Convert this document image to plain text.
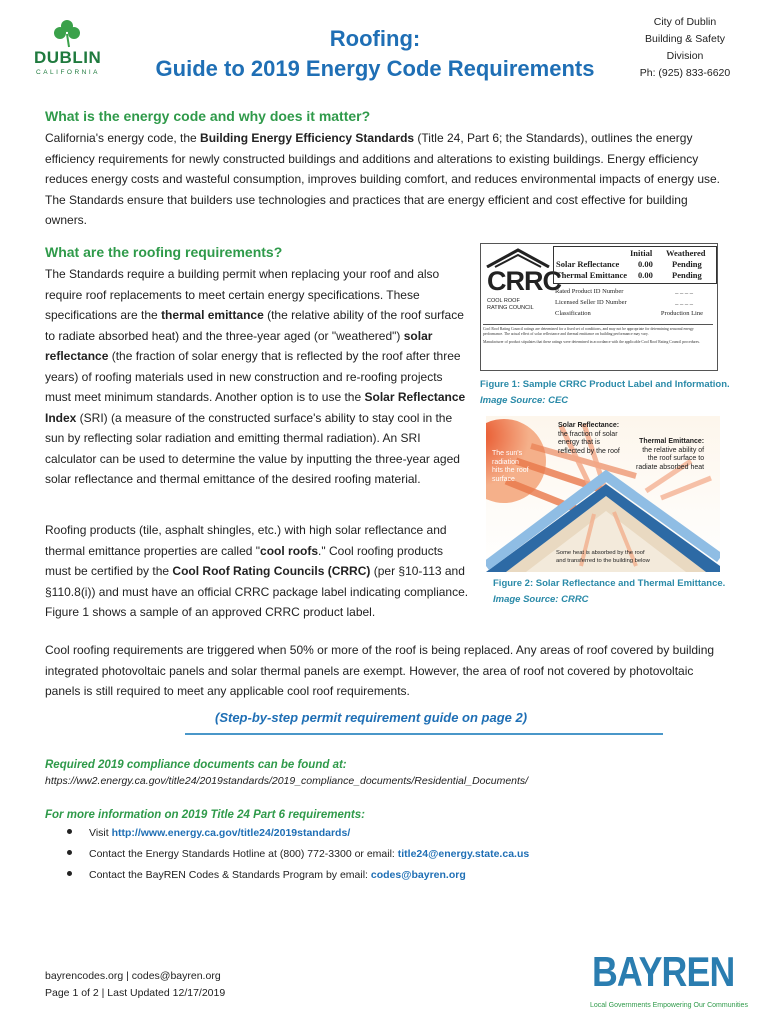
DUBLIN
CALIFORNIA
Roofing:
Guide to 2019 Energy Code Requirements
City of Dublin
Building & Safety
Division
Ph: (925) 833-6620
What is the energy code and why does it matter?
California's energy code, the Building Energy Efficiency Standards (Title 24, Part 6; the Standards), outlines the energy efficiency requirements for newly constructed buildings and additions and alterations to existing buildings. Energy efficiency reduces energy costs and wasteful consumption, improves building comfort, and reduces environmental impacts of energy use. The Standards ensure that builders use technologies and practices that are energy efficient and cost effective for building owners.
What are the roofing requirements?
The Standards require a building permit when replacing your roof and also require roof replacements to meet certain energy specifications. These specifications are the thermal emittance (the relative ability of the roof surface to radiate absorbed heat) and the three-year aged (or "weathered") solar reflectance (the fraction of solar energy that is reflected by the roof after three years) of roofing materials used in new construction and re-roofing projects must meet minimum standards. Another option is to use the Solar Reflectance Index (SRI) (a measure of the constructed surface's ability to stay cool in the sun by reflecting solar radiation and emitting thermal radiation). An SRI calculator can be used to determine the value by inputting the three-year aged solar reflectance and thermal emittance of the desired roofing material.
Roofing products (tile, asphalt shingles, etc.) with high solar reflectance and thermal emittance properties are called "cool roofs." Cool roofing products must be certified by the Cool Roof Rating Councils (CRRC) (per §10-113 and §110.8(i)) and must have an official CRRC package label indicating compliance. Figure 1 shows a sample of an approved CRRC product label.
Cool roofing requirements are triggered when 50% or more of the roof is being replaced. Any areas of roof covered by building integrated photovoltaic panels and solar thermal panels are exempt. However, the area of roof not covered by photovoltaic panels is still required to meet any applicable cool roof requirements.
CRRC
COOL ROOF
RATING COUNCIL
Initial Weathered
Solar Reflectance 0.00 Pending
Thermal Emittance 0.00 Pending
Rated Product ID Number	_ _ _ _
Licensed Seller ID Number	_ _ _ _
Classification	Production Line
Cool Roof Rating Council ratings are determined for a fixed set of conditions, and may not be appropriate for determining seasonal energy performance. The actual effect of solar reflectance and thermal emittance on building performance may vary.
Manufacturer of product stipulates that these ratings were determined in accordance with the applicable Cool Roof Rating Council procedures.
Figure 1: Sample CRRC Product Label and Information.
Image Source: CEC
Solar Reflectance:
the fraction of solar
energy that is
reflected by the roof
Thermal Emittance:
the relative ability of
the roof surface to
radiate absorbed heat
The sun's
radiation
hits the roof
surface
Some heat is absorbed by the roof
and transferred to the building below
Figure 2: Solar Reflectance and Thermal Emittance.
Image Source: CRRC
(Step-by-step permit requirement guide on page 2)
Required 2019 compliance documents can be found at:
https://ww2.energy.ca.gov/title24/2019standards/2019_compliance_documents/Residential_Documents/
For more information on 2019 Title 24 Part 6 requirements:
Visit http://www.energy.ca.gov/title24/2019standards/
Contact the Energy Standards Hotline at (800) 772-3300 or email: title24@energy.state.ca.us
Contact the BayREN Codes & Standards Program by email: codes@bayren.org
bayrencodes.org | codes@bayren.org
Page 1 of 2 | Last Updated 12/17/2019	BAYREN
Local Governments Empowering Our Communities
